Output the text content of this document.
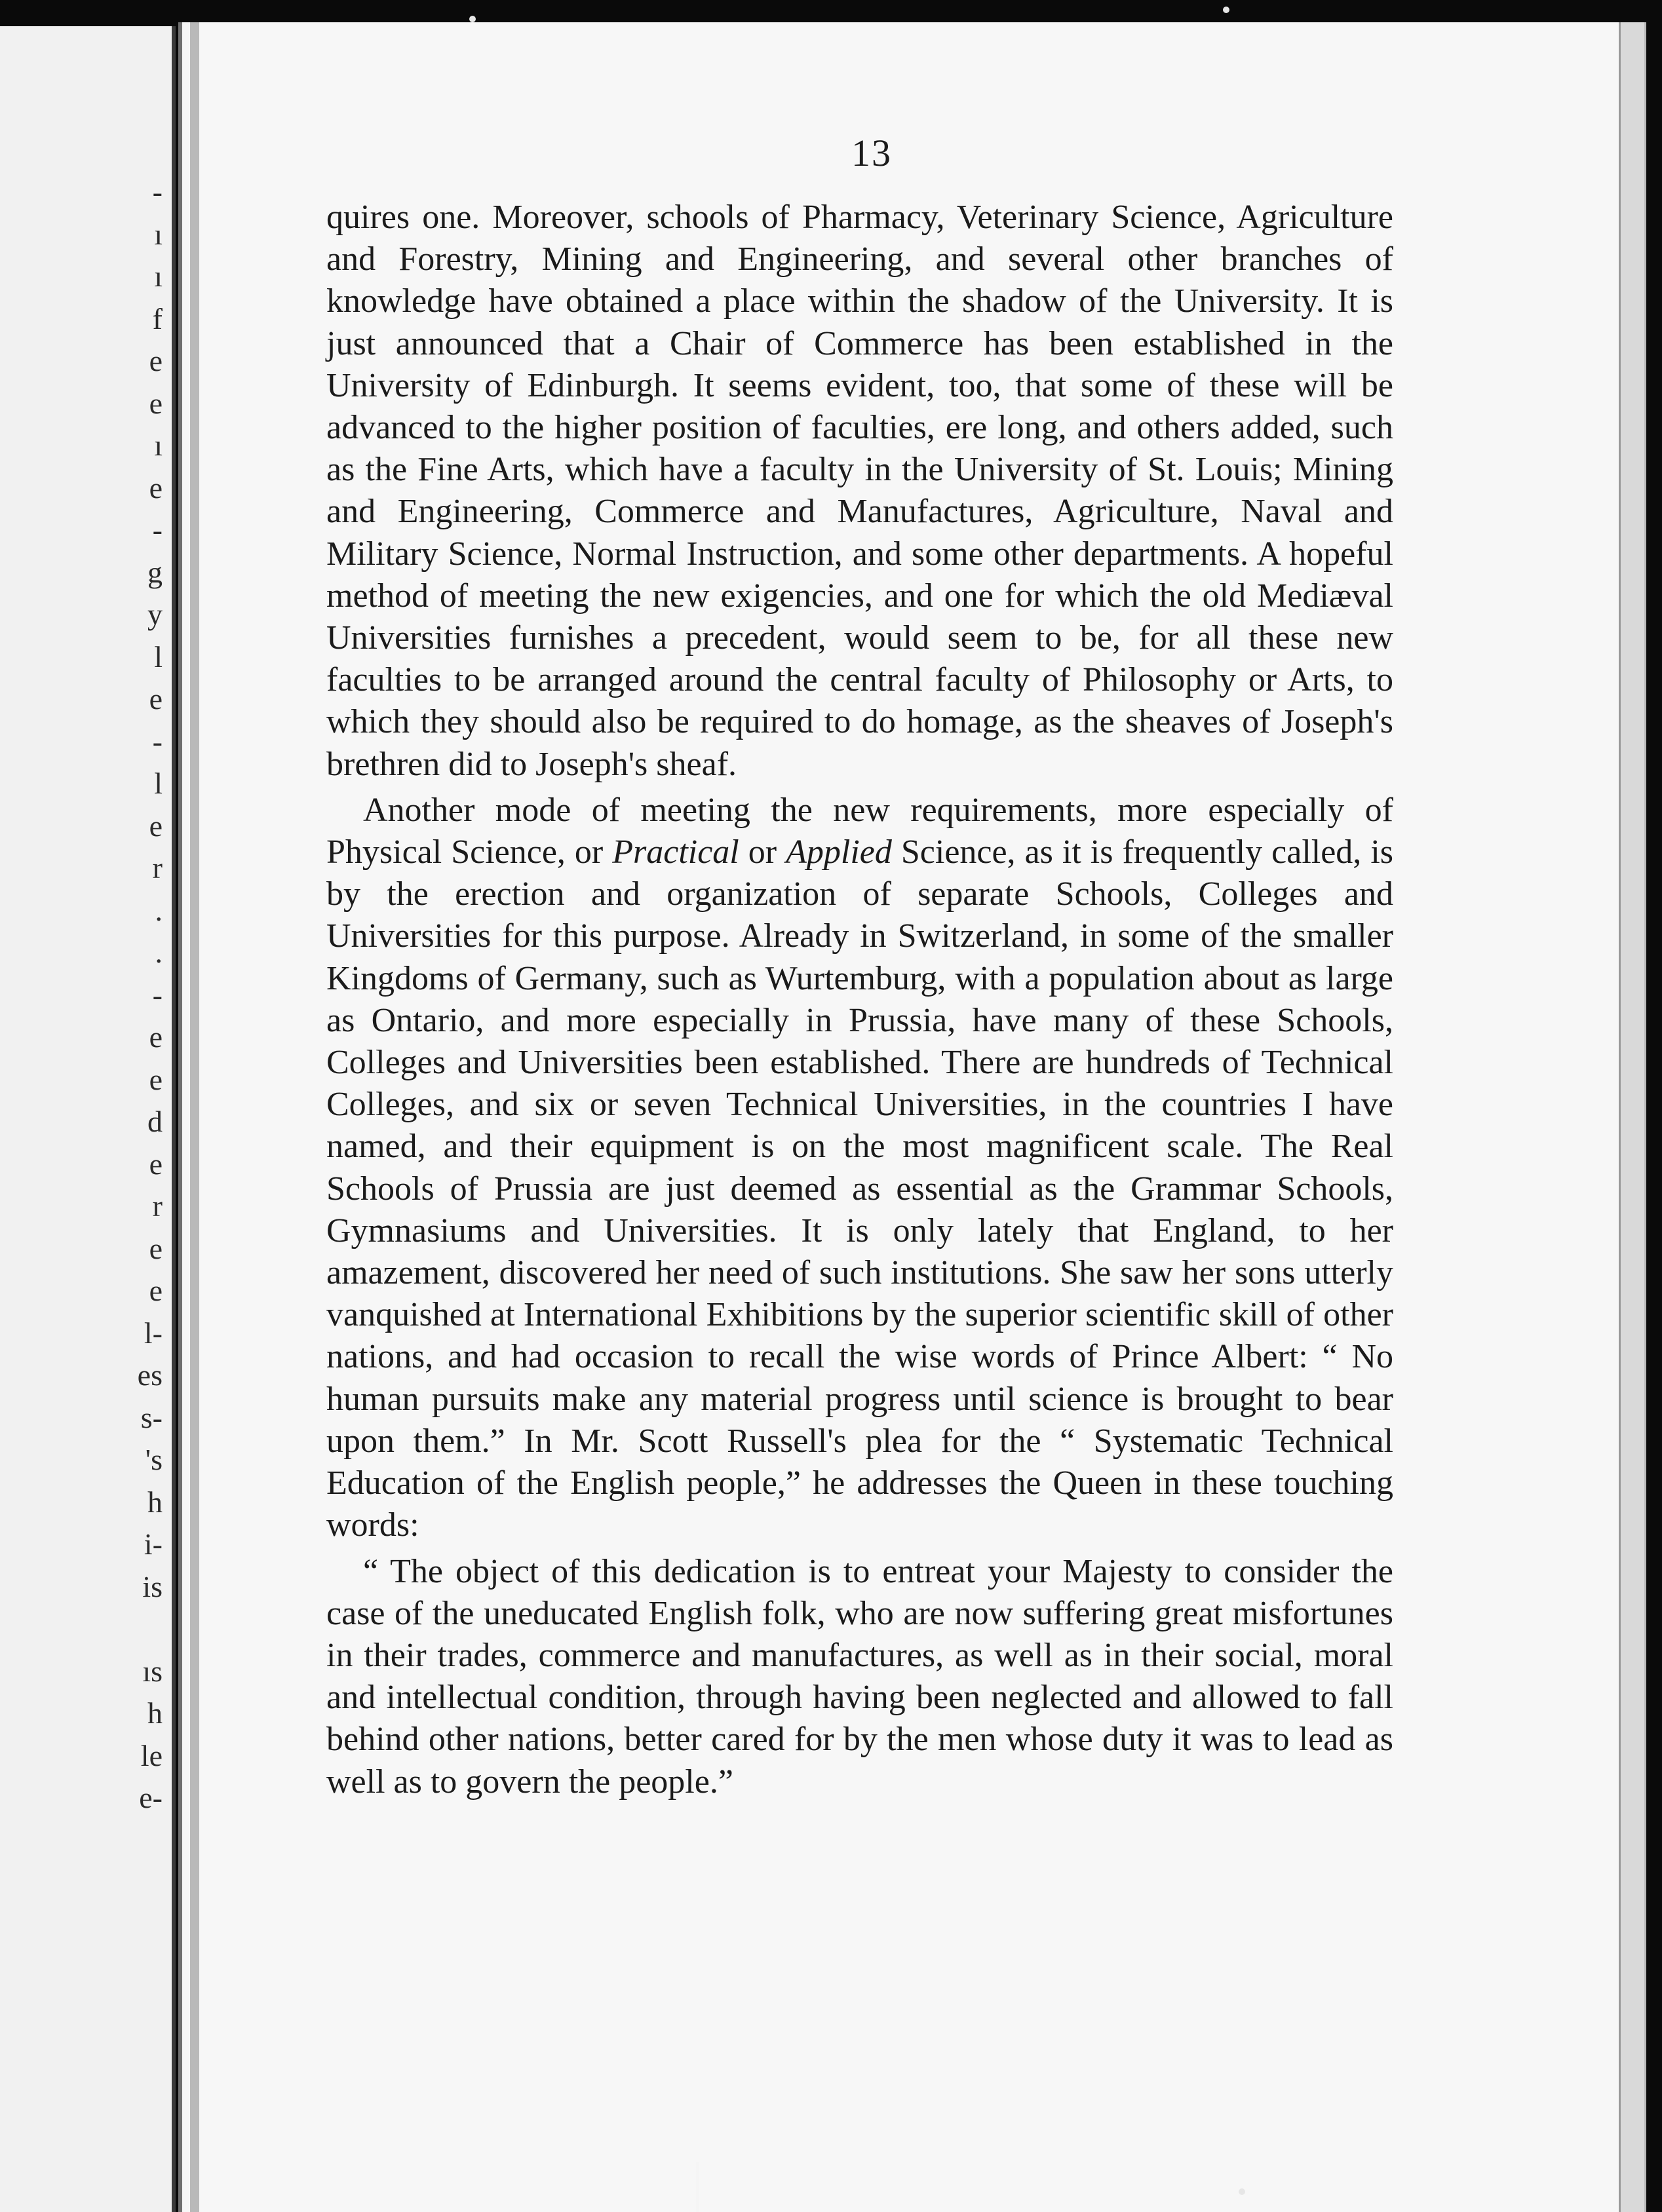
-
ı
ı
f
e
e
ı
e
-
g
y
l
e
-
l
e
r
.
.
-
e
e
d
e
r
e
e
l-
es
s-
's
h
i-
is
ıs
h
le
e-
13

quires one. Moreover, schools of Pharmacy, Veterinary Science, Agriculture and Forestry, Mining and Engineering, and several other branches of knowledge have obtained a place within the shadow of the University. It is just announced that a Chair of Commerce has been established in the University of Edinburgh. It seems evident, too, that some of these will be advanced to the higher position of faculties, ere long, and others added, such as the Fine Arts, which have a faculty in the University of St. Louis; Mining and Engineering, Commerce and Manufactures, Agriculture, Naval and Military Science, Normal Instruction, and some other departments. A hopeful method of meeting the new exigencies, and one for which the old Mediæval Universities furnishes a precedent, would seem to be, for all these new faculties to be arranged around the central faculty of Philosophy or Arts, to which they should also be required to do homage, as the sheaves of Joseph's brethren did to Joseph's sheaf.

Another mode of meeting the new requirements, more especially of Physical Science, or Practical or Applied Science, as it is frequently called, is by the erection and organization of separate Schools, Colleges and Universities for this purpose. Already in Switzerland, in some of the smaller Kingdoms of Germany, such as Wurtemburg, with a population about as large as Ontario, and more especially in Prussia, have many of these Schools, Colleges and Universities been established. There are hundreds of Technical Colleges, and six or seven Technical Universities, in the countries I have named, and their equipment is on the most magnificent scale. The Real Schools of Prussia are just deemed as essential as the Grammar Schools, Gymnasiums and Universities. It is only lately that England, to her amazement, discovered her need of such institutions. She saw her sons utterly vanquished at International Exhibitions by the superior scientific skill of other nations, and had occasion to recall the wise words of Prince Albert: “ No human pursuits make any material progress until science is brought to bear upon them.” In Mr. Scott Russell's plea for the “ Systematic Technical Education of the English people,” he addresses the Queen in these touching words:

“ The object of this dedication is to entreat your Majesty to consider the case of the uneducated English folk, who are now suffering great misfortunes in their trades, commerce and manufactures, as well as in their social, moral and intellectual condition, through having been neglected and allowed to fall behind other nations, better cared for by the men whose duty it was to lead as well as to govern the people.”
